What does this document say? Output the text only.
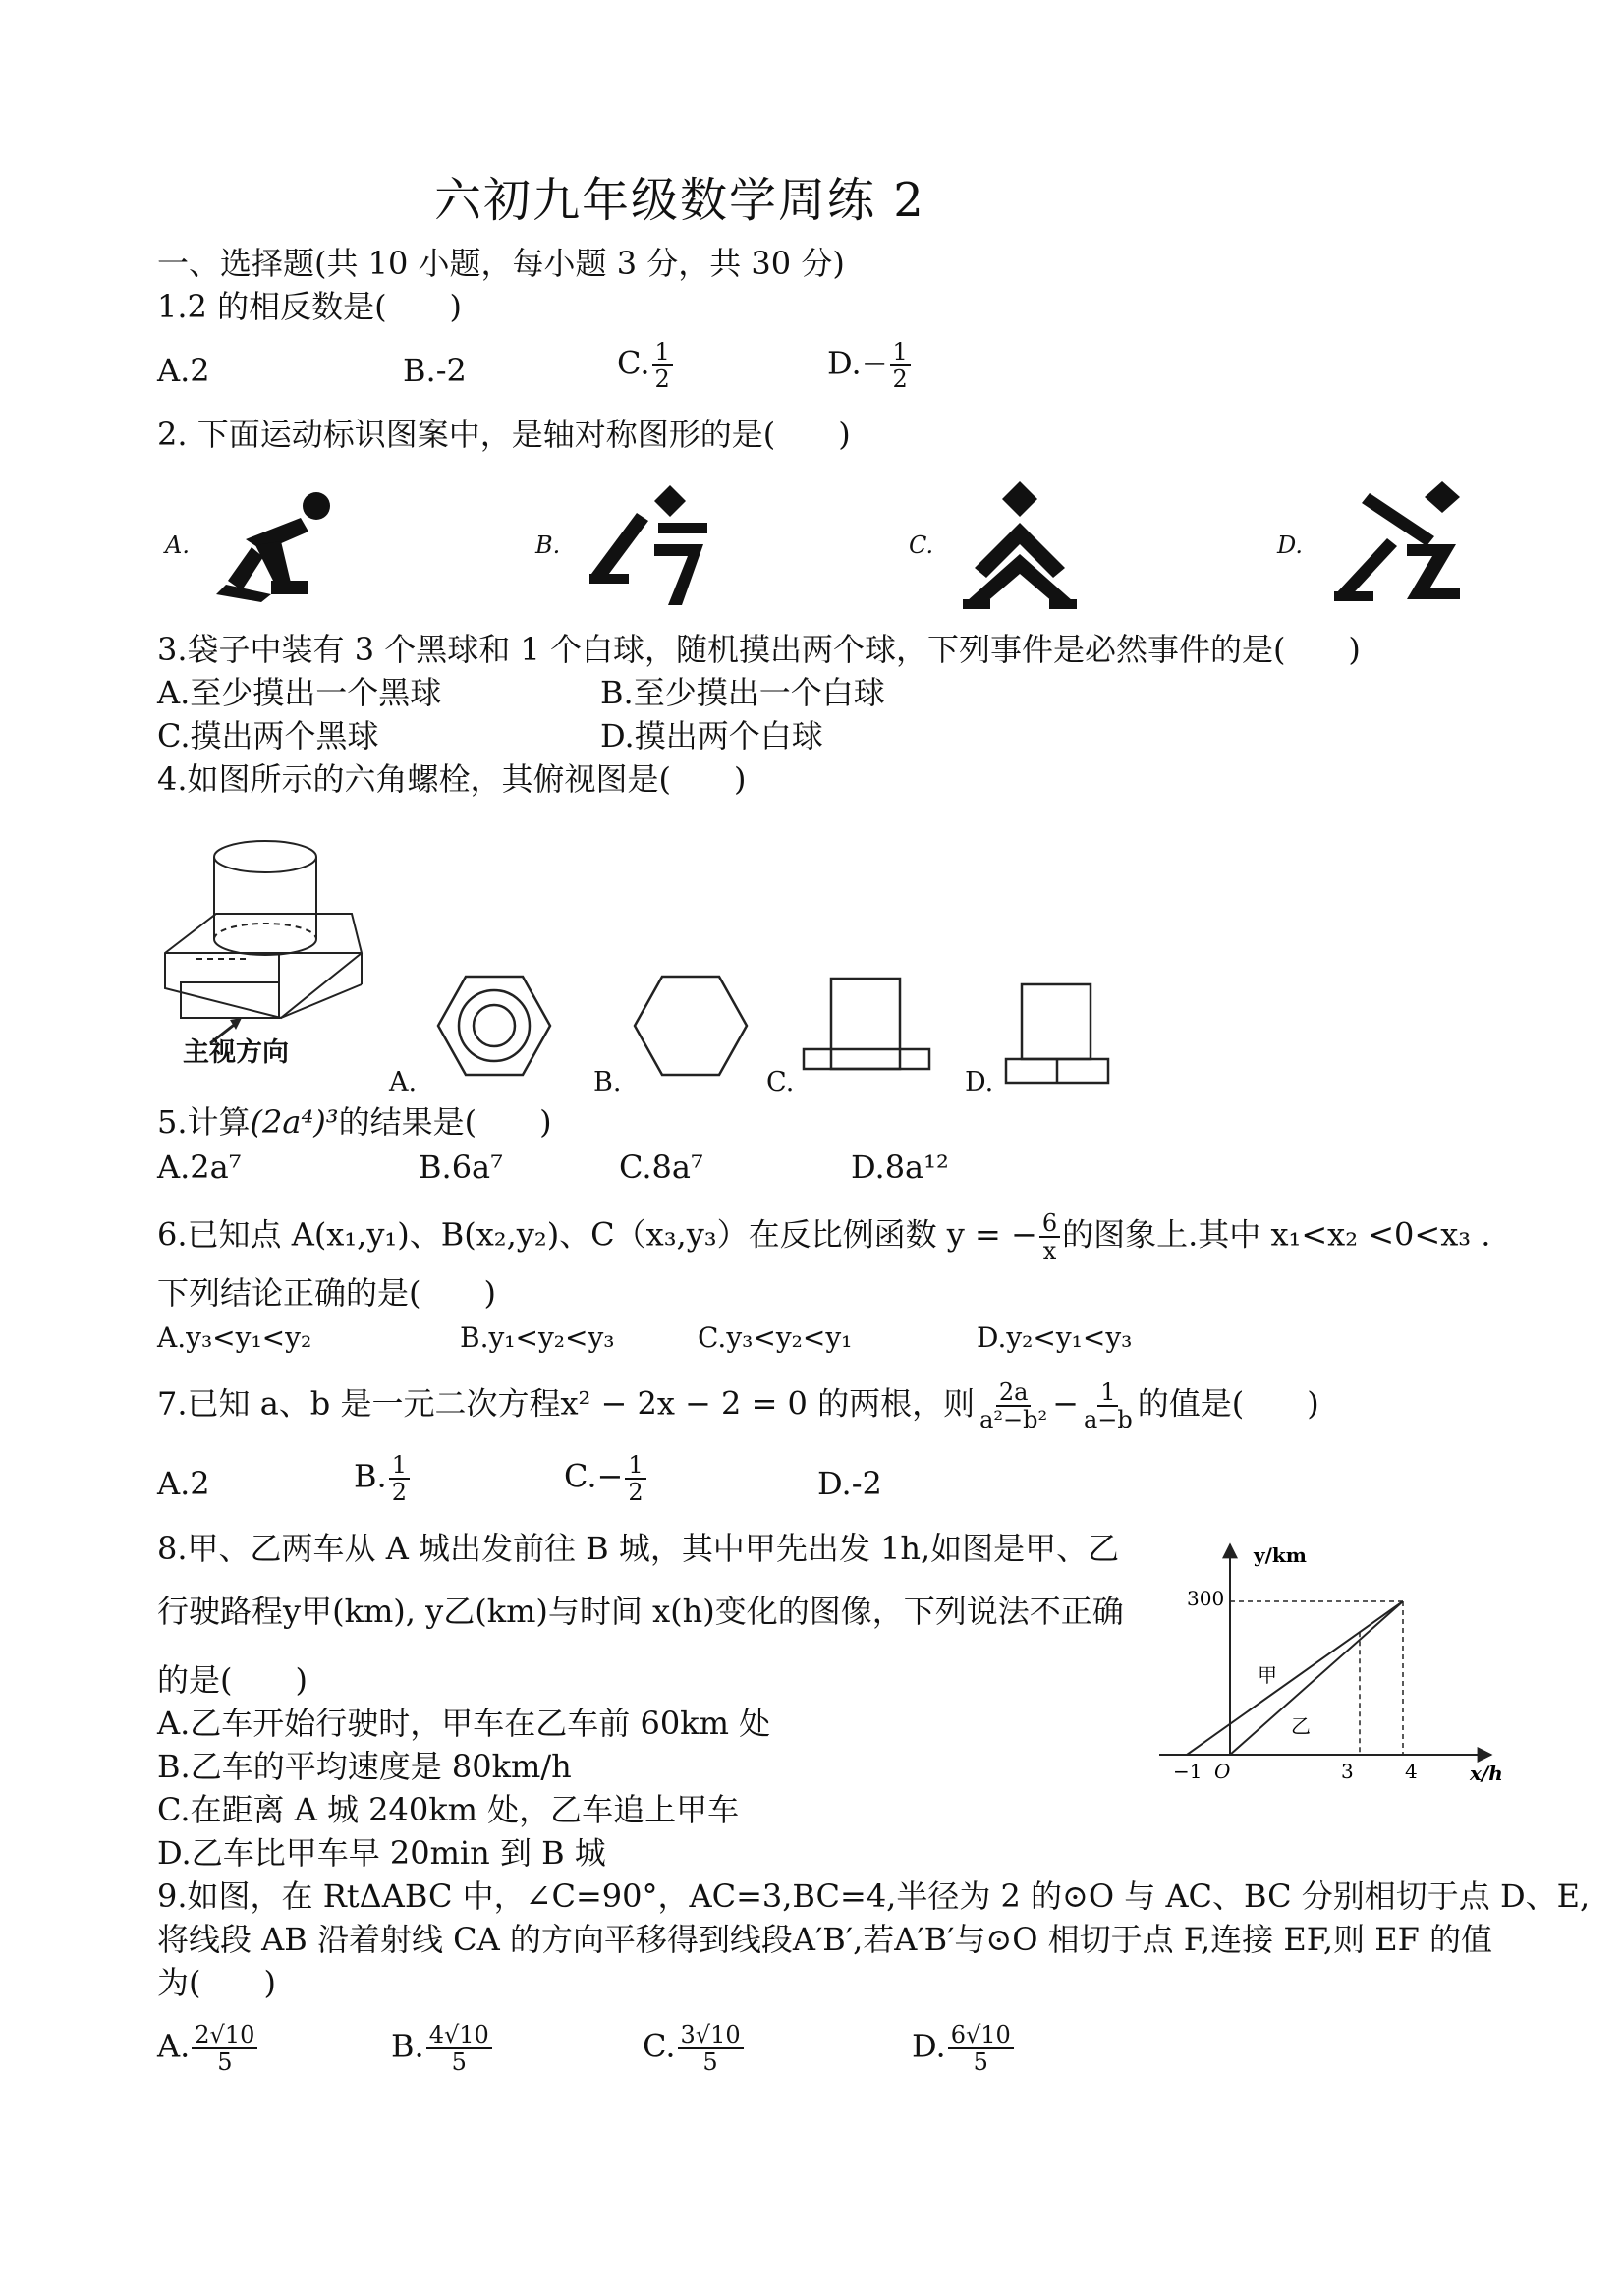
六初九年级数学周练 2
一、选择题(共 10 小题，每小题 3 分，共 30 分)
1.2 的相反数是(　　)
A.2	B.-2	C. $\frac{1}{2}$	$D.- \frac{1}{2}$
2. 下面运动标识图案中，是轴对称图形的是(　　)
A.	B.	C.	D.
3.袋子中装有 3 个黑球和 1 个白球，随机摸出两个球，下列事件是必然事件的是(　　)
A.至少摸出一个黑球	B.至少摸出一个白球
C.摸出两个黑球	D.摸出两个白球
4.如图所示的六角螺栓，其俯视图是(　　)
主视方向
A.	B.	C.	D.
5.计算(2a⁴)³的结果是(　　)
A.2a⁷	B.6a⁷	C.8a⁷	D.8a¹²
6.已知点 A(x₁,y₁)、B(x₂,y₂)、C（x₃,y₃）在反比例函数 y = − $\frac{6}{x}$ 的图象上.其中 x₁<x₂ <0<x₃ .
下列结论正确的是(　　)
A.y₃<y₁<y₂	B.y₁<y₂<y₃	C.y₃<y₂<y₁	D.y₂<y₁<y₃
7.已知 a、b 是一元二次方程x² − 2x − 2 = 0 的两根，则 $\frac{2a}{\text{a²−b²}} - \frac{1}{a-b}$ 的值是(　　)
A.2	B. $\frac{1}{2}$	$C.- \frac{1}{2}$	D.-2
8.甲、乙两车从 A 城出发前往 B 城，其中甲先出发 1h,如图是甲、乙
行驶路程y甲(km), y乙(km)与时间 x(h)变化的图像，下列说法不正确
的是(　　)
A.乙车开始行驶时，甲车在乙车前 60km 处
B.乙车的平均速度是 80km/h
C.在距离 A 城 240km 处，乙车追上甲车
D.乙车比甲车早 20min 到 B 城
y/km
x/h
−1 O	3	4
300
甲
乙
9.如图，在 RtΔABC 中，∠C=90°，AC=3,BC=4,半径为 2 的⊙O 与 AC、BC 分别相切于点 D、E,
将线段 AB 沿着射线 CA 的方向平移得到线段A′B′,若A′B′与⊙O 相切于点 F,连接 EF,则 EF 的值
为(　　)
A. $\frac{2√10}{5}$	B. $\frac{4√10}{5}$	C. $\frac{3√10}{5}$	D. $\frac{6√10}{5}$
